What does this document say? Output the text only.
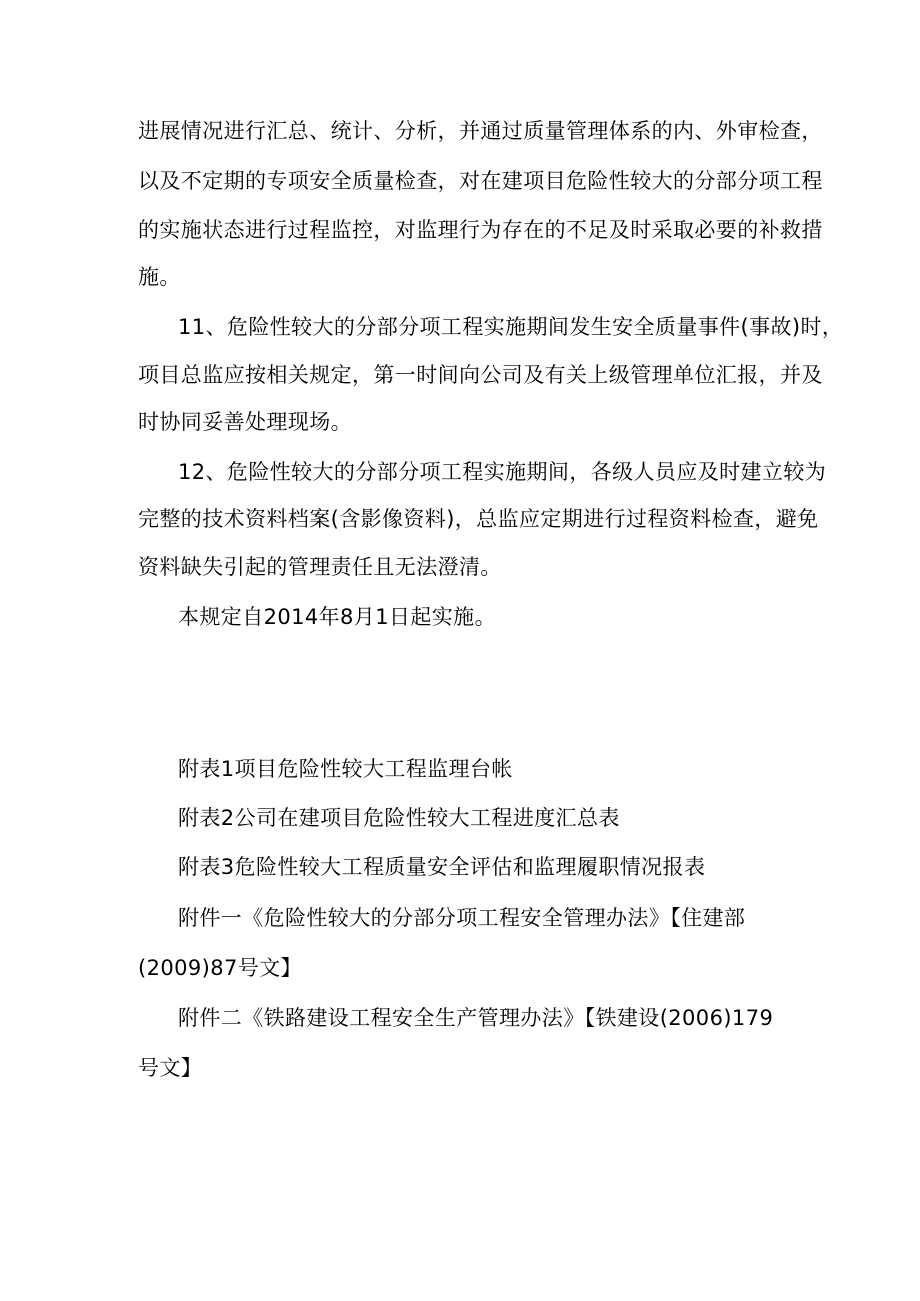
进展情况进行汇总、统计、分析，并通过质量管理体系的内、外审检查，

以及不定期的专项安全质量检查，对在建项目危险性较大的分部分项工程

的实施状态进行过程监控，对监理行为存在的不足及时采取必要的补救措

施。

11、危险性较大的分部分项工程实施期间发生安全质量事件(事故)时，

项目总监应按相关规定，第一时间向公司及有关上级管理单位汇报，并及

时协同妥善处理现场。

12、危险性较大的分部分项工程实施期间，各级人员应及时建立较为

完整的技术资料档案(含影像资料)，总监应定期进行过程资料检查，避免

资料缺失引起的管理责任且无法澄清。

本规定自2014年8月1日起实施。

附表1项目危险性较大工程监理台帐

附表2公司在建项目危险性较大工程进度汇总表

附表3危险性较大工程质量安全评估和监理履职情况报表

附件一《危险性较大的分部分项工程安全管理办法》【住建部

(2009)87号文】

附件二《铁路建设工程安全生产管理办法》【铁建设(2006)179

号文】
